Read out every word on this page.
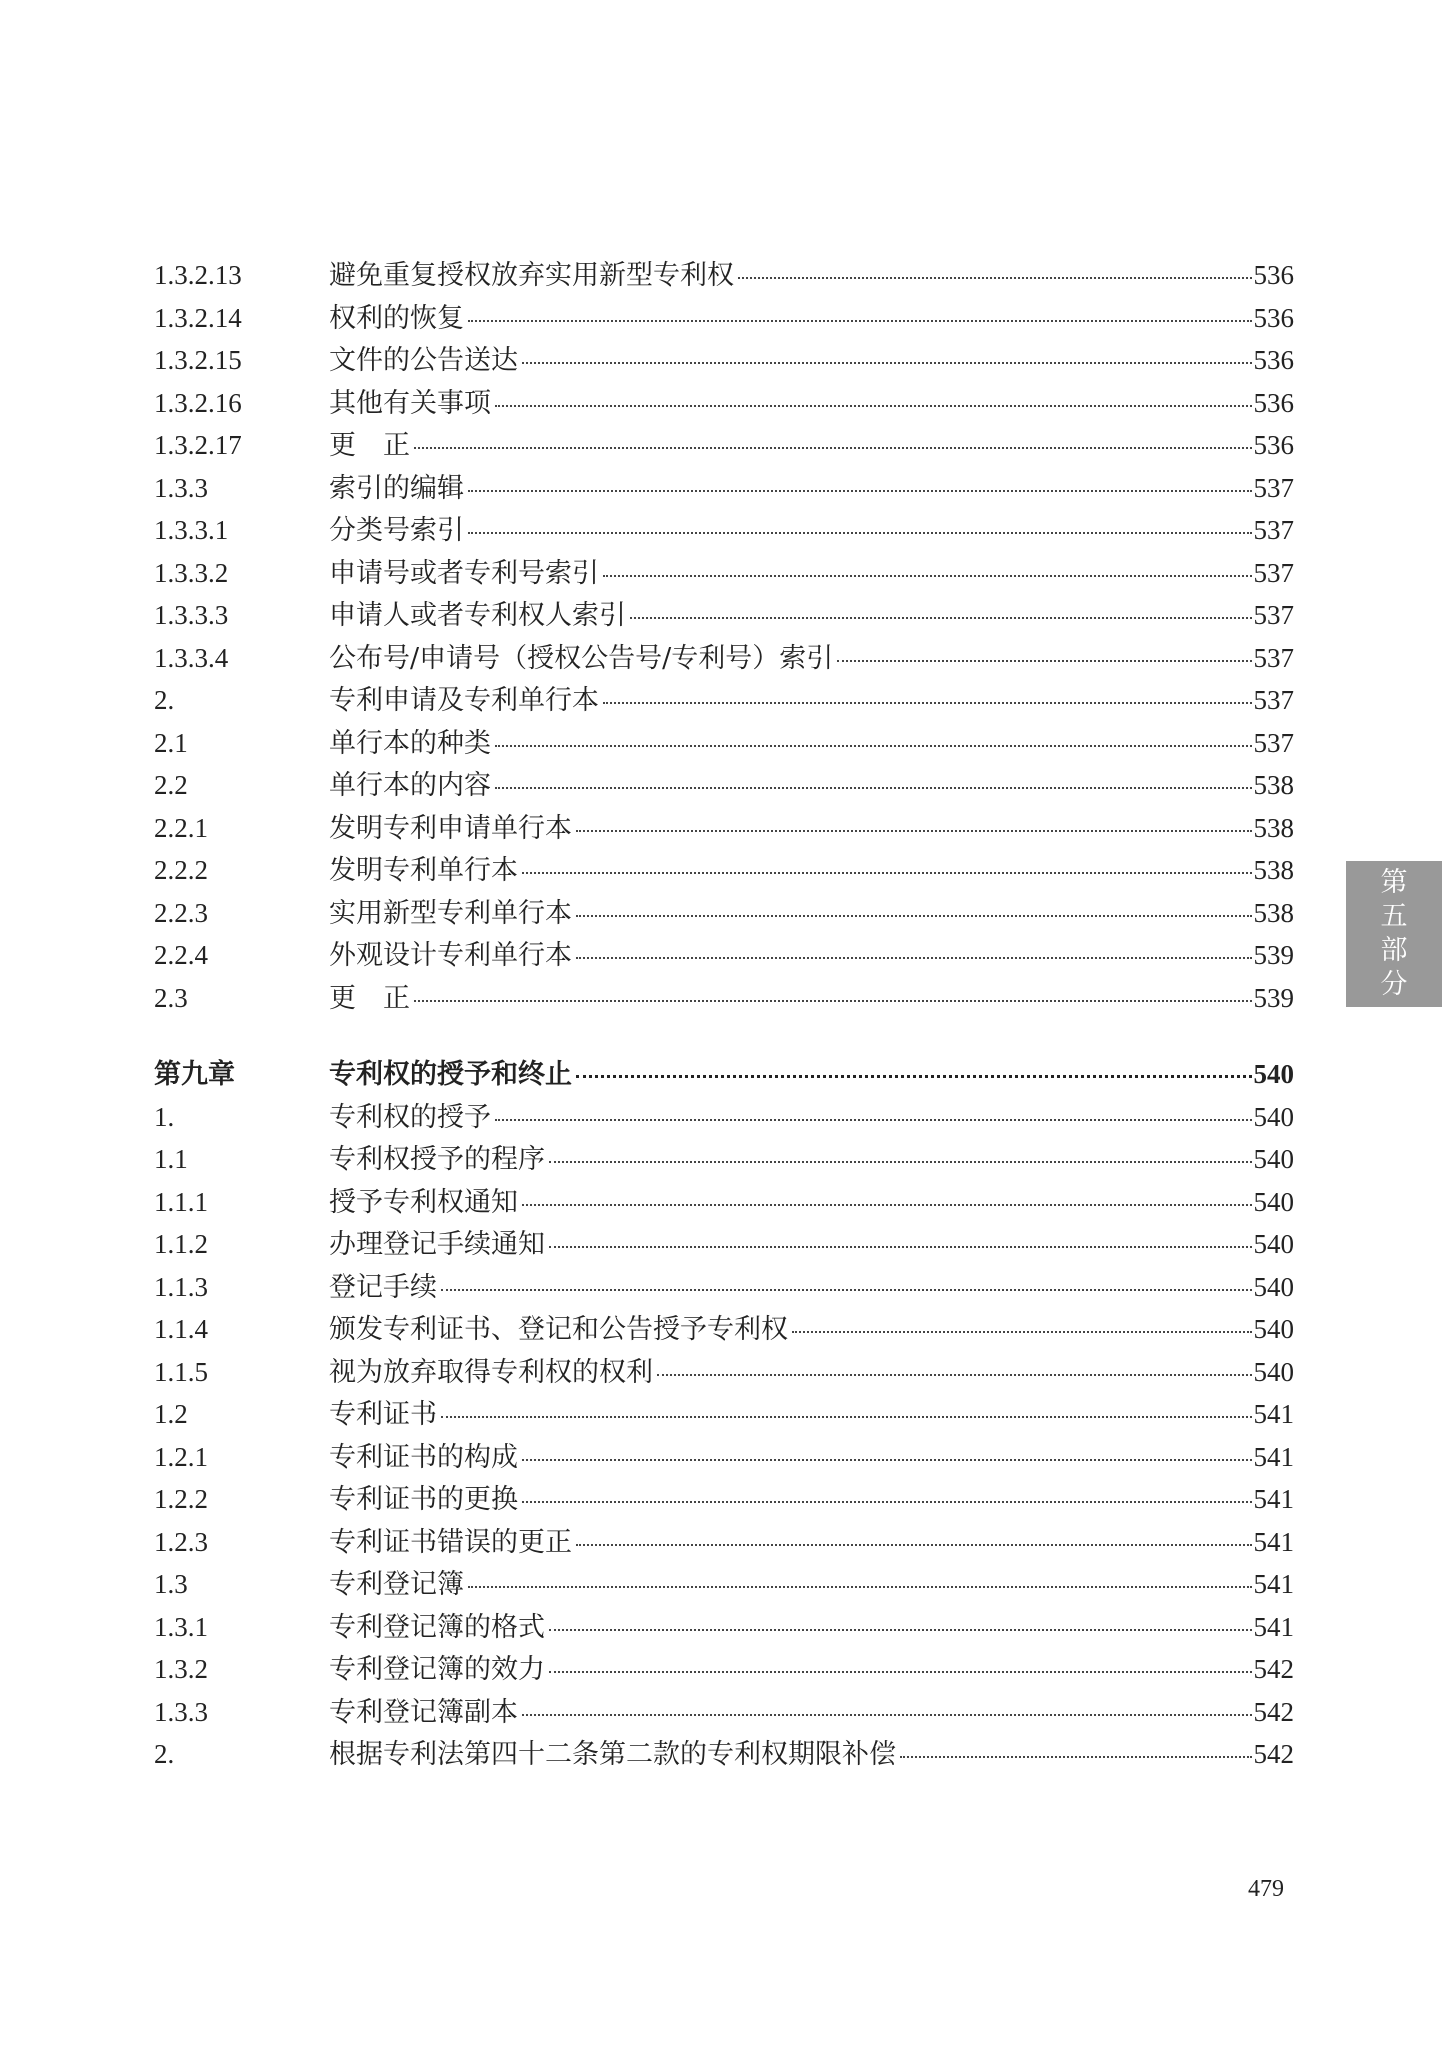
1.3.2.13	避免重复授权放弃实用新型专利权	536
1.3.2.14	权利的恢复	536
1.3.2.15	文件的公告送达	536
1.3.2.16	其他有关事项	536
1.3.2.17	更　正	536
1.3.3	索引的编辑	537
1.3.3.1	分类号索引	537
1.3.3.2	申请号或者专利号索引	537
1.3.3.3	申请人或者专利权人索引	537
1.3.3.4	公布号/申请号（授权公告号/专利号）索引	537
2.	专利申请及专利单行本	537
2.1	单行本的种类	537
2.2	单行本的内容	538
2.2.1	发明专利申请单行本	538
2.2.2	发明专利单行本	538
2.2.3	实用新型专利单行本	538
2.2.4	外观设计专利单行本	539
2.3	更　正	539
第九章	专利权的授予和终止	540
1.	专利权的授予	540
1.1	专利权授予的程序	540
1.1.1	授予专利权通知	540
1.1.2	办理登记手续通知	540
1.1.3	登记手续	540
1.1.4	颁发专利证书、登记和公告授予专利权	540
1.1.5	视为放弃取得专利权的权利	540
1.2	专利证书	541
1.2.1	专利证书的构成	541
1.2.2	专利证书的更换	541
1.2.3	专利证书错误的更正	541
1.3	专利登记簿	541
1.3.1	专利登记簿的格式	541
1.3.2	专利登记簿的效力	542
1.3.3	专利登记簿副本	542
2.	根据专利法第四十二条第二款的专利权期限补偿	542
第
五
部
分
479
